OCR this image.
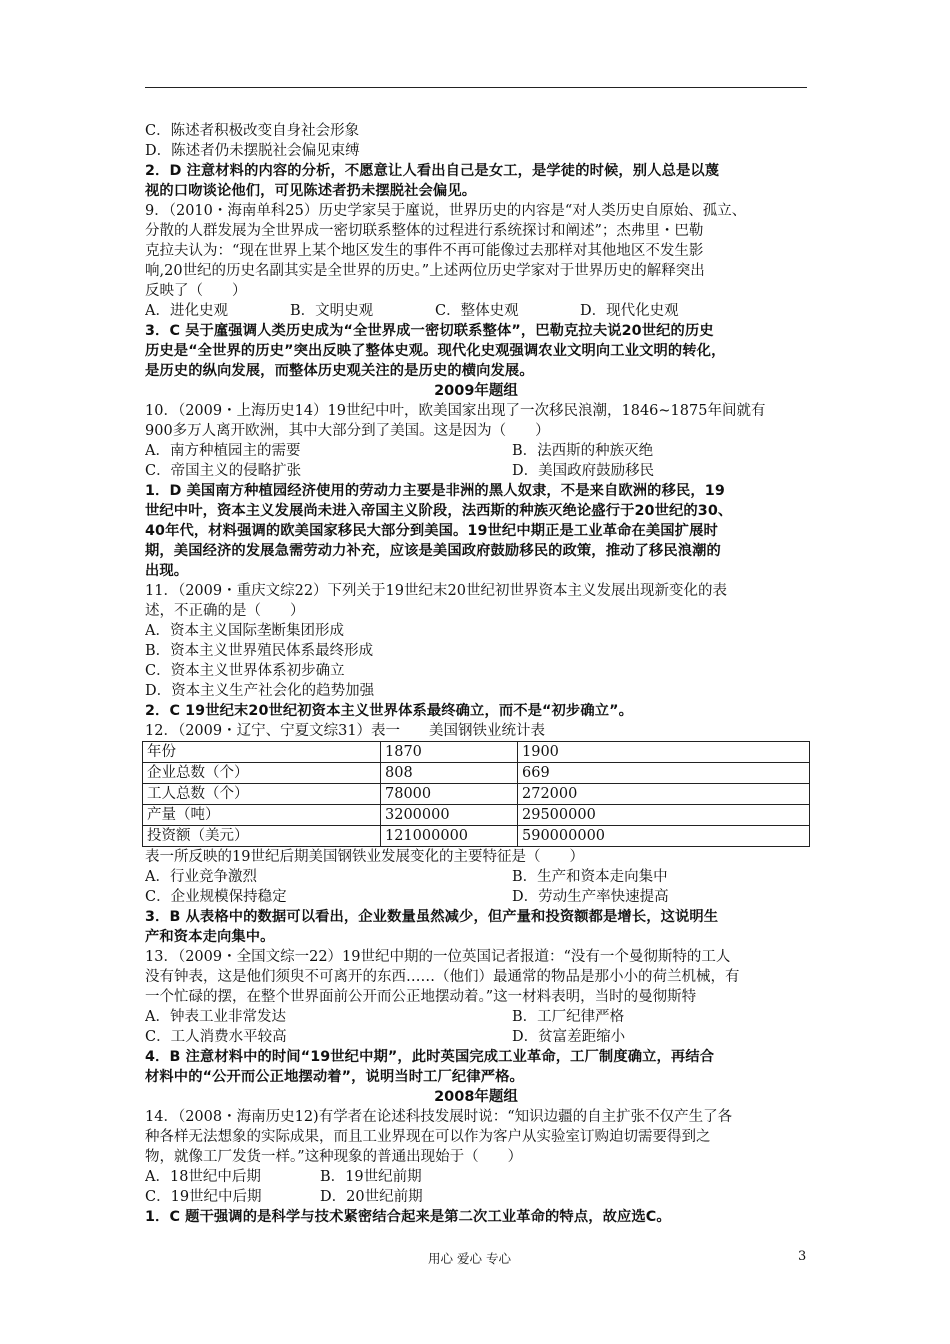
C．陈述者积极改变自身社会形象
D．陈述者仍未摆脱社会偏见束缚
2．D 注意材料的内容的分析，不愿意让人看出自己是女工，是学徒的时候，别人总是以蔑
视的口吻谈论他们，可见陈述者扔未摆脱社会偏见。
9．（2010・海南单科25）历史学家吴于廑说，世界历史的内容是“对人类历史自原始、孤立、
分散的人群发展为全世界成一密切联系整体的过程进行系统探讨和阐述”；杰弗里・巴勒
克拉夫认为：“现在世界上某个地区发生的事件不再可能像过去那样对其他地区不发生影
响,20世纪的历史名副其实是全世界的历史。”上述两位历史学家对于世界历史的解释突出
反映了（　　）
A．进化史观	B．文明史观	C．整体史观	D．现代化史观
3．C 吴于廑强调人类历史成为“全世界成一密切联系整体”，巴勒克拉夫说20世纪的历史
历史是“全世界的历史”突出反映了整体史观。现代化史观强调农业文明向工业文明的转化，
是历史的纵向发展，而整体历史观关注的是历史的横向发展。
2009年题组
10．（2009・上海历史14）19世纪中叶，欧美国家出现了一次移民浪潮，1846~1875年间就有
900多万人离开欧洲，其中大部分到了美国。这是因为（　　）
A．南方种植园主的需要	B．法西斯的种族灭绝
C．帝国主义的侵略扩张	D．美国政府鼓励移民
1．D 美国南方种植园经济使用的劳动力主要是非洲的黑人奴隶，不是来自欧洲的移民，19
世纪中叶，资本主义发展尚未进入帝国主义阶段，法西斯的种族灭绝论盛行于20世纪的30、
40年代，材料强调的欧美国家移民大部分到美国。19世纪中期正是工业革命在美国扩展时
期，美国经济的发展急需劳动力补充，应该是美国政府鼓励移民的政策，推动了移民浪潮的
出现。
11．（2009・重庆文综22）下列关于19世纪末20世纪初世界资本主义发展出现新变化的表
述，不正确的是（　　）
A．资本主义国际垄断集团形成
B．资本主义世界殖民体系最终形成
C．资本主义世界体系初步确立
D．资本主义生产社会化的趋势加强
2．C 19世纪末20世纪初资本主义世界体系最终确立，而不是“初步确立”。
12．（2009・辽宁、宁夏文综31）表一　　美国钢铁业统计表
年份	1870	1900
企业总数（个）	808	669
工人总数（个）	78000	272000
产量（吨）	3200000	29500000
投资额（美元）	121000000	590000000
表一所反映的19世纪后期美国钢铁业发展变化的主要特征是（　　）
A．行业竞争激烈	B．生产和资本走向集中
C．企业规模保持稳定	D．劳动生产率快速提高
3．B 从表格中的数据可以看出，企业数量虽然减少，但产量和投资额都是增长，这说明生
产和资本走向集中。
13．（2009・全国文综一22）19世纪中期的一位英国记者报道：“没有一个曼彻斯特的工人
没有钟表，这是他们须臾不可离开的东西……（他们）最通常的物品是那小小的荷兰机械，有
一个忙碌的摆，在整个世界面前公开而公正地摆动着。”这一材料表明，当时的曼彻斯特
A．钟表工业非常发达	B．工厂纪律严格
C．工人消费水平较高	D．贫富差距缩小
4．B 注意材料中的时间“19世纪中期”，此时英国完成工业革命，工厂制度确立，再结合
材料中的“公开而公正地摆动着”，说明当时工厂纪律严格。
2008年题组
14．（2008・海南历史12)有学者在论述科技发展时说：“知识边疆的自主扩张不仅产生了各
种各样无法想象的实际成果，而且工业界现在可以作为客户从实验室订购迫切需要得到之
物，就像工厂发货一样。”这种现象的普通出现始于（　　）
A．18世纪中后期	B．19世纪前期
C．19世纪中后期	D．20世纪前期
1．C 题干强调的是科学与技术紧密结合起来是第二次工业革命的特点，故应选C。
用心 爱心 专心	3
